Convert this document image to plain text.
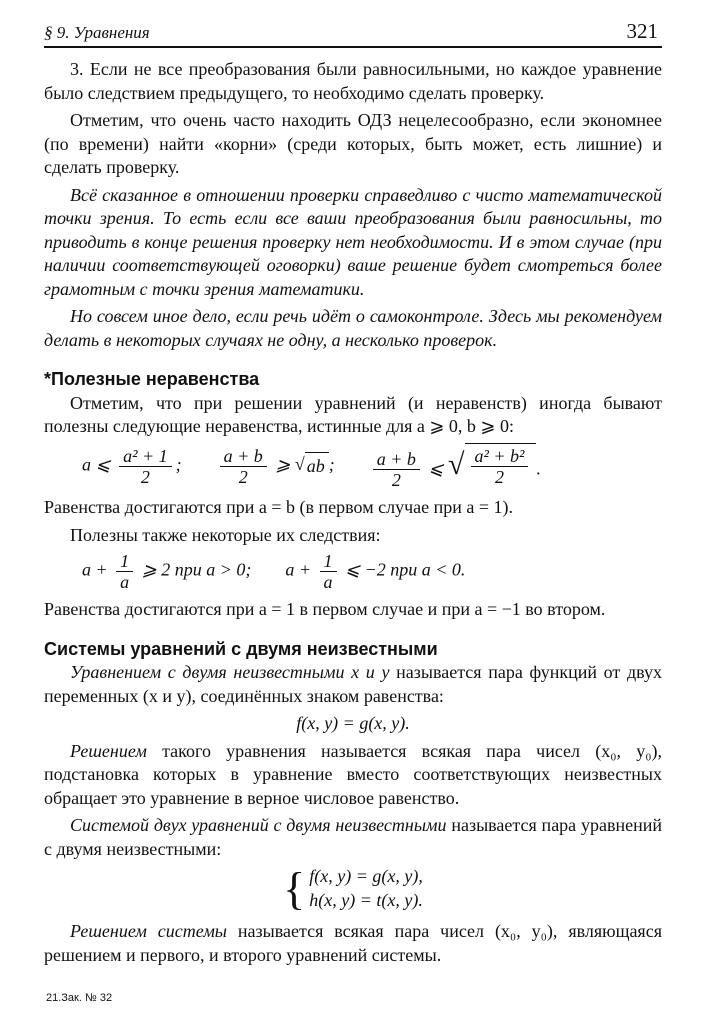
§ 9. Уравнения	321

3. Если не все преобразования были равносильными, но каждое уравнение было следствием предыдущего, то необходимо сделать проверку.

Отметим, что очень часто находить ОДЗ нецелесообразно, если экономнее (по времени) найти «корни» (среди которых, быть может, есть лишние) и сделать проверку.

Всё сказанное в отношении проверки справедливо с чисто математической точки зрения. То есть если все ваши преобразования были равносильны, то приводить в конце решения проверку нет необходимости. И в этом случае (при наличии соответствующей оговорки) ваше решение будет смотреться более грамотным с точки зрения математики.

Но совсем иное дело, если речь идёт о самоконтроле. Здесь мы рекомендуем делать в некоторых случаях не одну, а несколько проверок.

*Полезные неравенства

Отметим, что при решении уравнений (и неравенств) иногда бывают полезны следующие неравенства, истинные для a ⩾ 0, b ⩾ 0:

a ⩽ $\frac{\text{a² + 1}}{2}$ ; $\frac{a + b}{2}$ ⩾ √ ab ; $\frac{a + b}{2}$ ⩽ √ $\frac{\text{a² + b²}}{2}$ .

Равенства достигаются при a = b (в первом случае при a = 1).

Полезны также некоторые их следствия:

$a + \frac{1}{a}$ ⩾ 2 при a > 0; $a + \frac{1}{a}$ ⩽ −2 при a < 0.

Равенства достигаются при a = 1 в первом случае и при a = −1 во втором.

Системы уравнений с двумя неизвестными

Уравнением с двумя неизвестными x и y называется пара функций от двух переменных (x и y), соединённых знаком равенства:

f(x, y) = g(x, y).

Решением такого уравнения называется всякая пара чисел (x₀, y₀), подстановка которых в уравнение вместо соответствующих неизвестных обращает это уравнение в верное числовое равенство.

Системой двух уравнений с двумя неизвестными называется пара уравнений с двумя неизвестными:

{ f(x, y) = g(x, y),
h(x, y) = t(x, y).

Решением системы называется всякая пара чисел (x₀, y₀), являющаяся решением и первого, и второго уравнений системы.

21.Зак. № 32
